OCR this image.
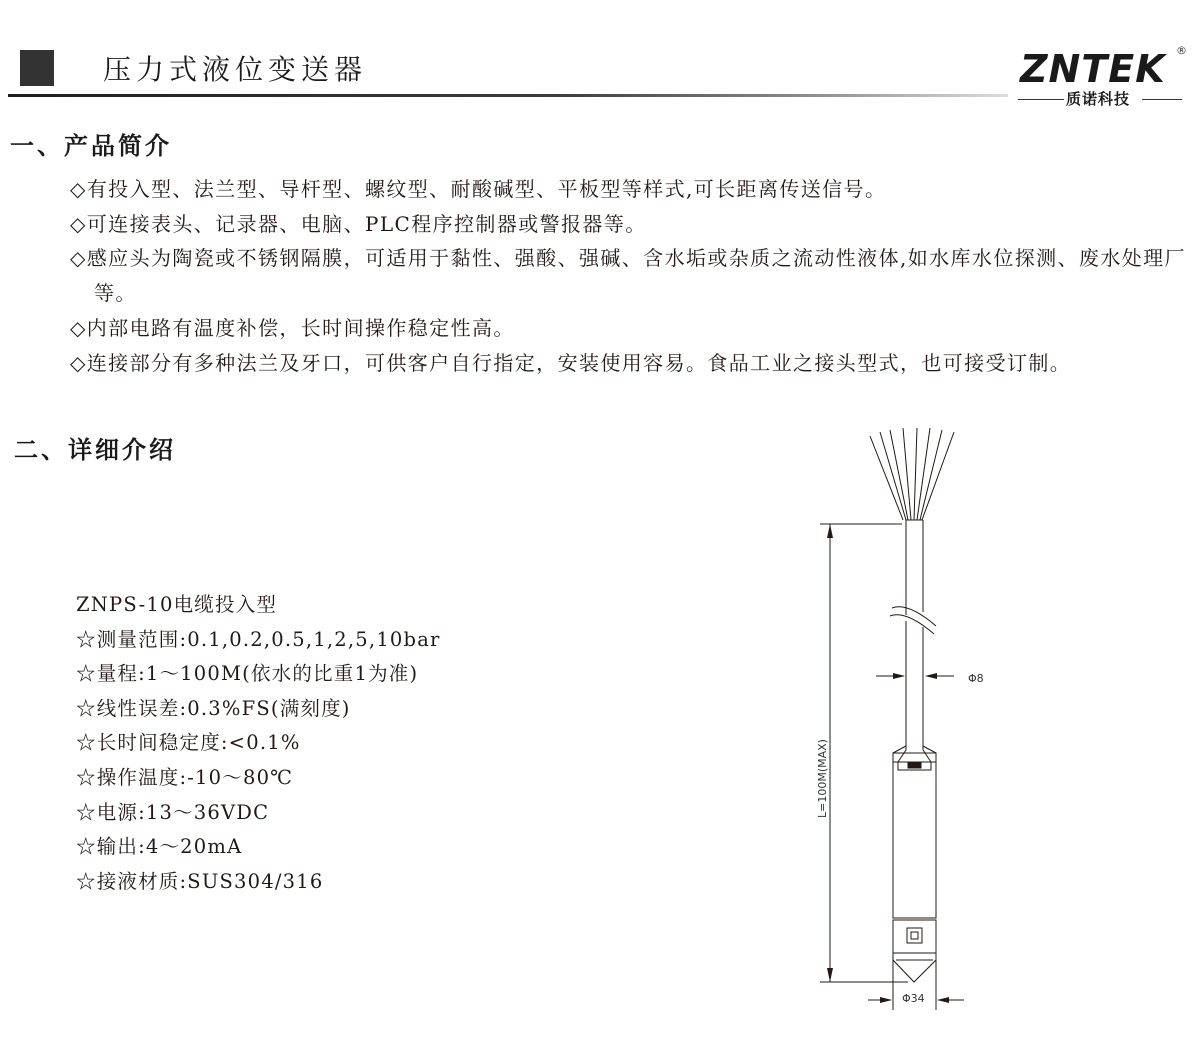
压力式液位变送器	ZNTEK ®
质诺科技
一、产品简介

◇有投入型、法兰型、导杆型、螺纹型、耐酸碱型、平板型等样式,可长距离传送信号。

◇可连接表头、记录器、电脑、PLC程序控制器或警报器等。

◇感应头为陶瓷或不锈钢隔膜，可适用于黏性、强酸、强碱、含水垢或杂质之流动性液体,如水库水位探测、废水处理厂等。

◇内部电路有温度补偿，长时间操作稳定性高。

◇连接部分有多种法兰及牙口，可供客户自行指定，安装使用容易。食品工业之接头型式，也可接受订制。

二、详细介绍

ZNPS-10电缆投入型

☆测量范围:0.1,0.2,0.5,1,2,5,10bar

☆量程:1～100M(依水的比重1为准)

☆线性误差:0.3%FS(满刻度)

☆长时间稳定度:<0.1%

☆操作温度:-10～80℃

☆电源:13～36VDC

☆输出:4～20mA

☆接液材质:SUS304/316

L=100M(MAX)
Φ8
Φ34
